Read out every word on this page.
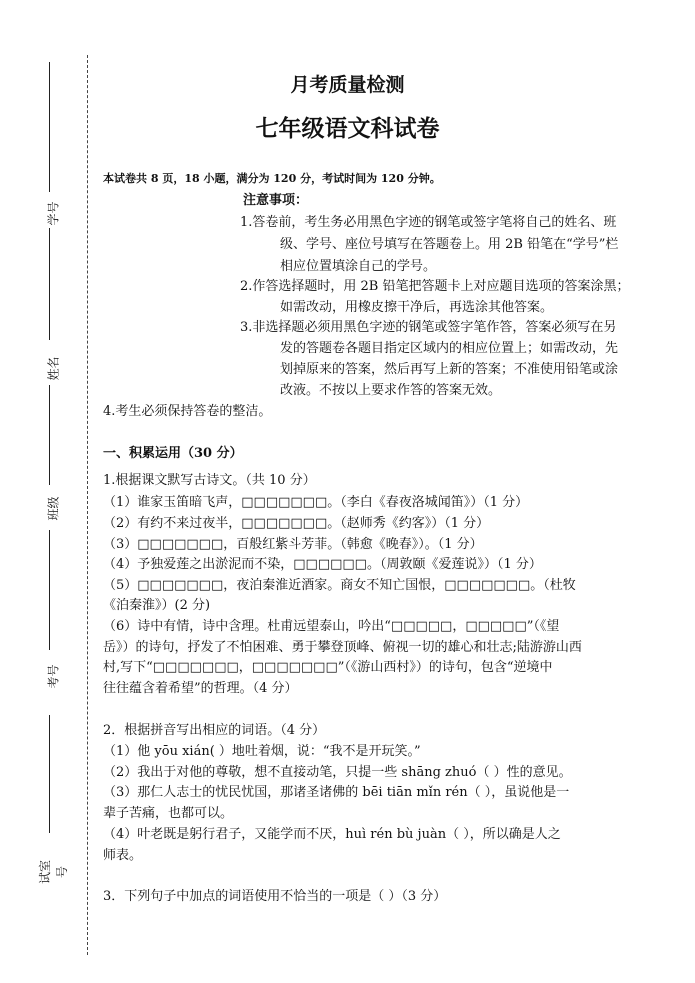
学号
姓名
班级
考号
试室号
月考质量检测
七年级语文科试卷
本试卷共 8 页，18 小题，满分为 120 分，考试时间为 120 分钟。
注意事项：
1.答卷前，考生务必用黑色字迹的钢笔或签字笔将自己的姓名、班
级、学号、座位号填写在答题卷上。用 2B 铅笔在“学号”栏
相应位置填涂自己的学号。
2.作答选择题时，用 2B 铅笔把答题卡上对应题目选项的答案涂黑；
如需改动，用橡皮擦干净后，再选涂其他答案。
3.非选择题必须用黑色字迹的钢笔或签字笔作答，答案必须写在另
发的答题卷各题目指定区域内的相应位置上；如需改动，先
划掉原来的答案，然后再写上新的答案；不准使用铅笔或涂
改液。不按以上要求作答的答案无效。
4.考生必须保持答卷的整洁。
一、积累运用（30 分）
1.根据课文默写古诗文。（共 10 分）
（1）谁家玉笛暗飞声，□□□□□□□。（李白《春夜洛城闻笛》）（1 分）
（2）有约不来过夜半，□□□□□□□。（赵师秀《约客》）（1 分）
（3）□□□□□□□，百般红紫斗芳菲。（韩愈《晚春》）。（1 分）
（4）予独爱莲之出淤泥而不染，□□□□□□。（周敦颐《爱莲说》）（1 分）
（5）□□□□□□□，夜泊秦淮近酒家。商女不知亡国恨，□□□□□□□。（杜牧
《泊秦淮》）(2 分)
（6）诗中有情，诗中含理。杜甫远望泰山，吟出“□□□□□，□□□□□”（《望
岳》）的诗句，抒发了不怕困难、勇于攀登顶峰、俯视一切的雄心和壮志;陆游游山西
村,写下“□□□□□□□，□□□□□□□”（《游山西村》）的诗句，包含“逆境中
往往蕴含着希望”的哲理。（4 分）
2．根据拼音写出相应的词语。（4 分）
（1）他 yōu xián( ）地吐着烟，说：“我不是开玩笑。”
（2）我出于对他的尊敬，想不直接动笔，只提一些 shāng zhuó（ ）性的意见。
（3）那仁人志士的忧民忧国，那诸圣诸佛的 bēi tiān mǐn rén（ ），虽说他是一
辈子苦痛，也都可以。
（4）叶老既是躬行君子，又能学而不厌，huì rén bù juàn（ ），所以确是人之
师表。
3．下列句子中加点的词语使用不恰当的一项是（ ）（3 分）
